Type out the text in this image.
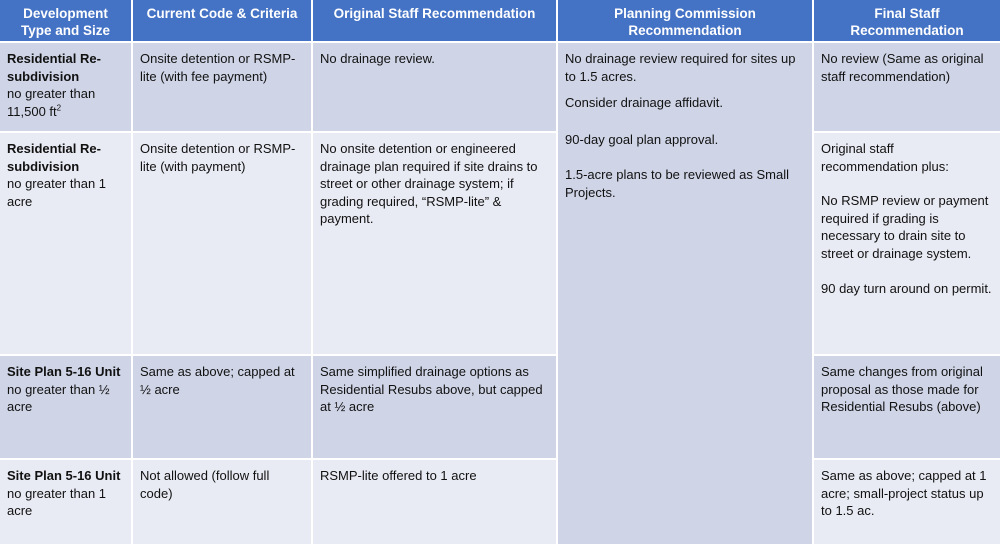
Development Type and Size	Current Code & Criteria	Original Staff Recommendation	Planning Commission Recommendation	Final Staff Recommendation

Residential Re-subdivision
no greater than 11,500 $ft^2$	Onsite detention or RSMP-lite (with fee payment)	No drainage review.	No drainage review required for sites up to 1.5 acres.
Consider drainage affidavit.
90-day goal plan approval.
1.5-acre plans to be reviewed as Small Projects.	No review (Same as original staff recommendation)

Residential Re-subdivision
no greater than 1 acre	Onsite detention or RSMP-lite (with payment)	No onsite detention or engineered drainage plan required if site drains to street or other drainage system; if grading required, “RSMP-lite” & payment.		Original staff recommendation plus:
No RSMP review or payment required if grading is necessary to drain site to street or drainage system.
90 day turn around on permit.

Site Plan 5-16 Unit
no greater than ½ acre	Same as above; capped at ½ acre	Same simplified drainage options as Residential Resubs above, but capped at ½ acre		Same changes from original proposal as those made for Residential Resubs (above)

Site Plan 5-16 Unit
no greater than 1 acre	Not allowed (follow full code)	RSMP-lite offered to 1 acre		Same as above; capped at 1 acre; small-project status up
to 1.5 ac.
